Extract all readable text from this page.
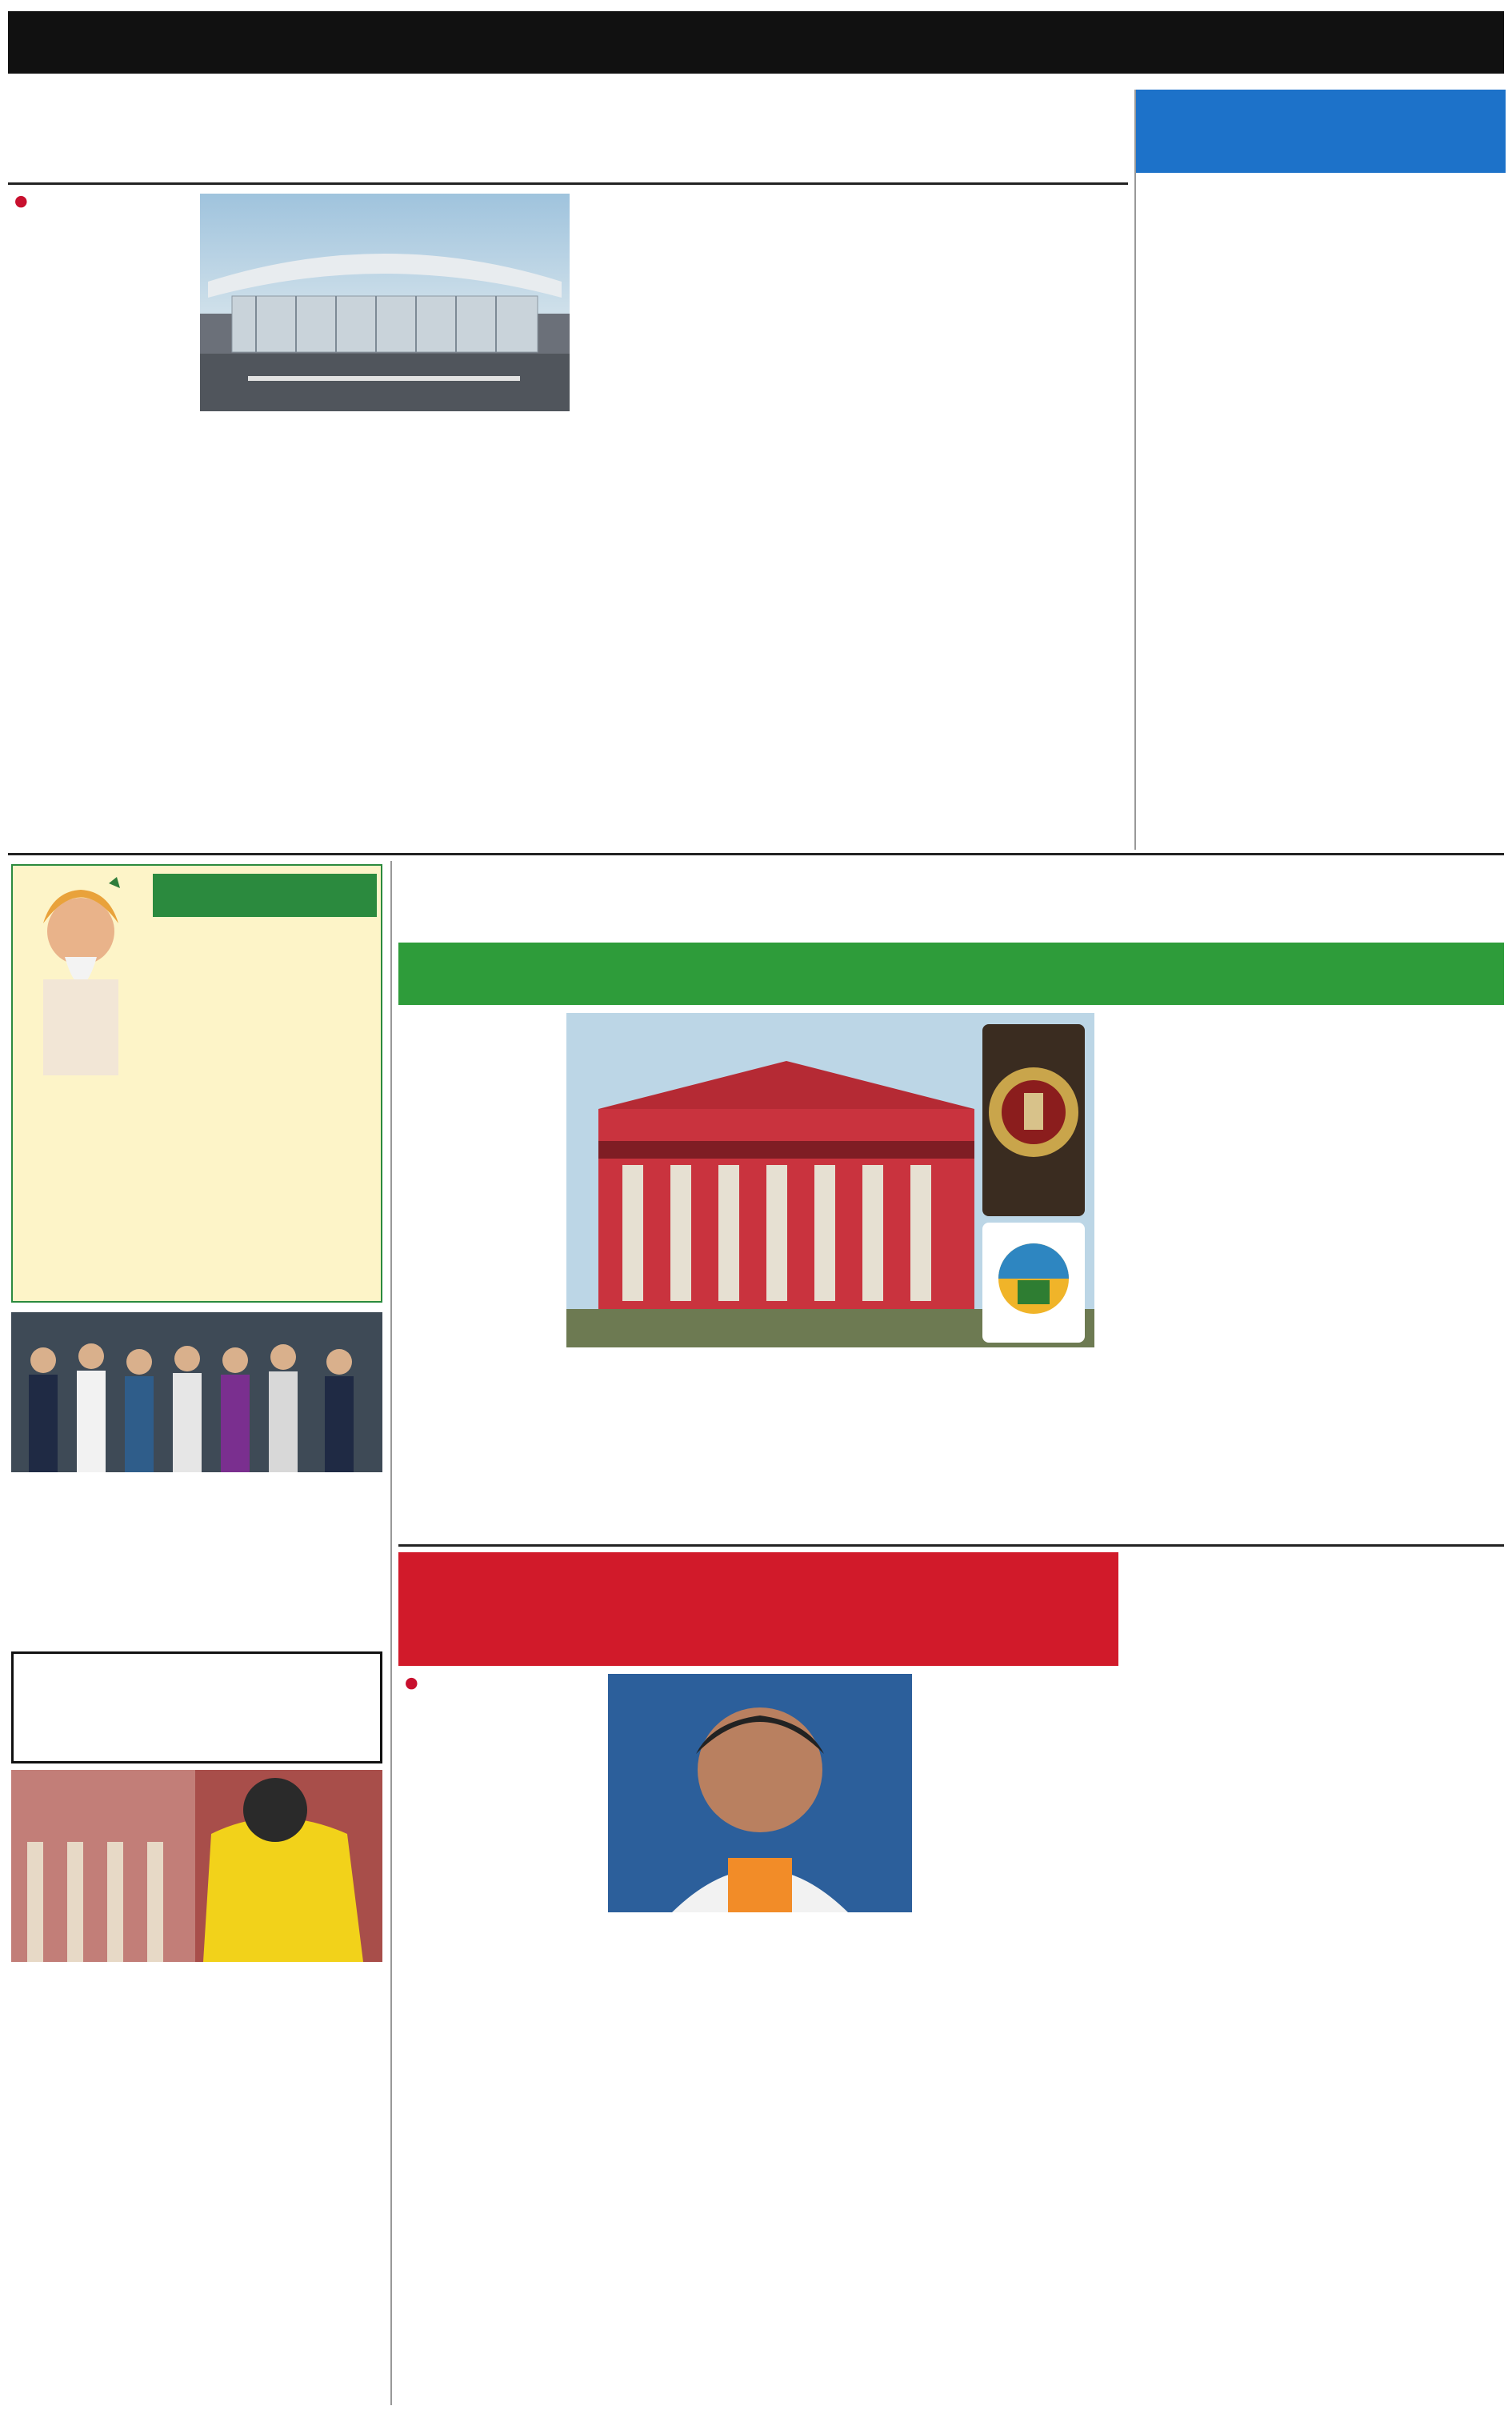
●

●
